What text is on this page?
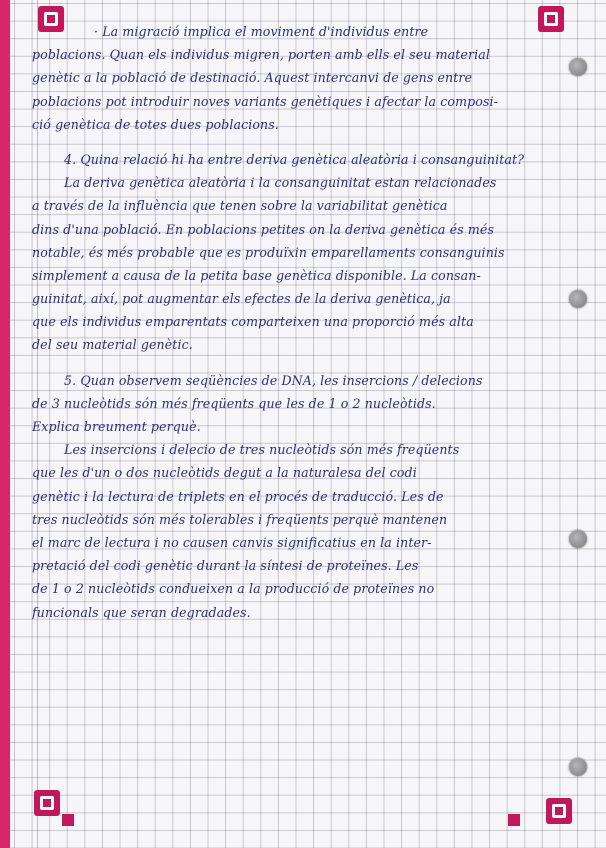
· La migració implica el moviment d'individus entre
poblacions. Quan els individus migren, porten amb ells el seu material
genètic a la població de destinació. Aquest intercanvi de gens entre
poblacions pot introduir noves variants genètiques i afectar la composi-
ció genètica de totes dues poblacions.
4. Quina relació hi ha entre deriva genètica aleatòria i consanguinitat?
La deriva genètica aleatòria i la consanguinitat estan relacionades
a través de la influència que tenen sobre la variabilitat genètica
dins d'una població. En poblacions petites on la deriva genètica és més
notable, és més probable que es produïxin emparellaments consanguinis
simplement a causa de la petita base genètica disponible. La consan-
guinitat, així, pot augmentar els efectes de la deriva genètica, ja
que els individus emparentats comparteixen una proporció més alta
del seu material genètic.
5. Quan observem seqüències de DNA, les insercions / delecions
de 3 nucleòtids són més freqüents que les de 1 o 2 nucleòtids.
Explica breument perquè.
Les insercions i delecio de tres nucleòtids són més freqüents
que les d'un o dos nucleòtids degut a la naturalesa del codi
genètic i la lectura de triplets en el procés de traducció. Les de
tres nucleòtids són més tolerables i freqüents perquè mantenen
el marc de lectura i no causen canvis significatius en la inter-
pretació del codi genètic durant la síntesi de proteïnes. Les
de 1 o 2 nucleòtids condueixen a la producció de proteïnes no
funcionals que seran degradades.
